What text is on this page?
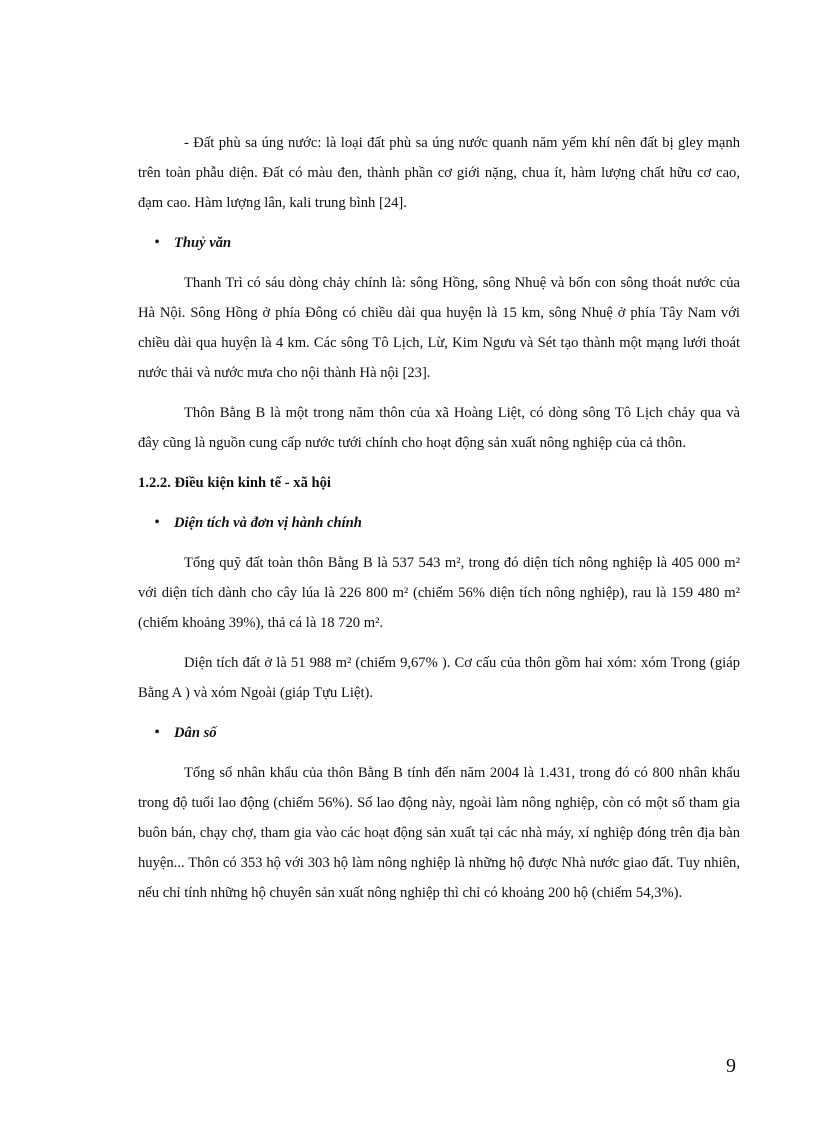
- Đất phù sa úng nước: là loại đất phù sa úng nước quanh năm yếm khí nên đất bị gley mạnh trên toàn phẫu diện. Đất có màu đen, thành phần cơ giới nặng, chua ít, hàm lượng chất hữu cơ cao, đạm cao. Hàm lượng lân, kali trung bình [24].

• Thuỷ văn

Thanh Trì có sáu dòng chảy chính là: sông Hồng, sông Nhuệ và bốn con sông thoát nước của Hà Nội. Sông Hồng ở phía Đông có chiều dài qua huyện là 15 km, sông Nhuệ ở phía Tây Nam với chiều dài qua huyện là 4 km. Các sông Tô Lịch, Lừ, Kim Ngưu và Sét tạo thành một mạng lưới thoát nước thải và nước mưa cho nội thành Hà nội [23].

Thôn Bằng B là một trong năm thôn của xã Hoàng Liệt, có dòng sông Tô Lịch chảy qua và đây cũng là nguồn cung cấp nước tưới chính cho hoạt động sản xuất nông nghiệp của cả thôn.

1.2.2. Điều kiện kinh tế - xã hội
• Diện tích và đơn vị hành chính

Tổng quỹ đất toàn thôn Bằng B là 537 543 m², trong đó diện tích nông nghiệp là 405 000 m² với diện tích dành cho cây lúa là 226 800 m² (chiếm 56% diện tích nông nghiệp), rau là 159 480 m² (chiếm khoảng 39%), thả cá là 18 720 m².

Diện tích đất ở là 51 988 m² (chiếm 9,67% ). Cơ cấu của thôn gồm hai xóm: xóm Trong (giáp Bằng A ) và xóm Ngoài (giáp Tựu Liệt).

• Dân số

Tổng số nhân khẩu của thôn Bằng B tính đến năm 2004 là 1.431, trong đó có 800 nhân khẩu trong độ tuổi lao động (chiếm 56%). Số lao động này, ngoài làm nông nghiệp, còn có một số tham gia buôn bán, chạy chợ, tham gia vào các hoạt động sản xuất tại các nhà máy, xí nghiệp đóng trên địa bàn huyện... Thôn có 353 hộ với 303 hộ làm nông nghiệp là những hộ được Nhà nước giao đất. Tuy nhiên, nếu chỉ tính những hộ chuyên sản xuất nông nghiệp thì chỉ có khoảng 200 hộ (chiếm 54,3%).

9
